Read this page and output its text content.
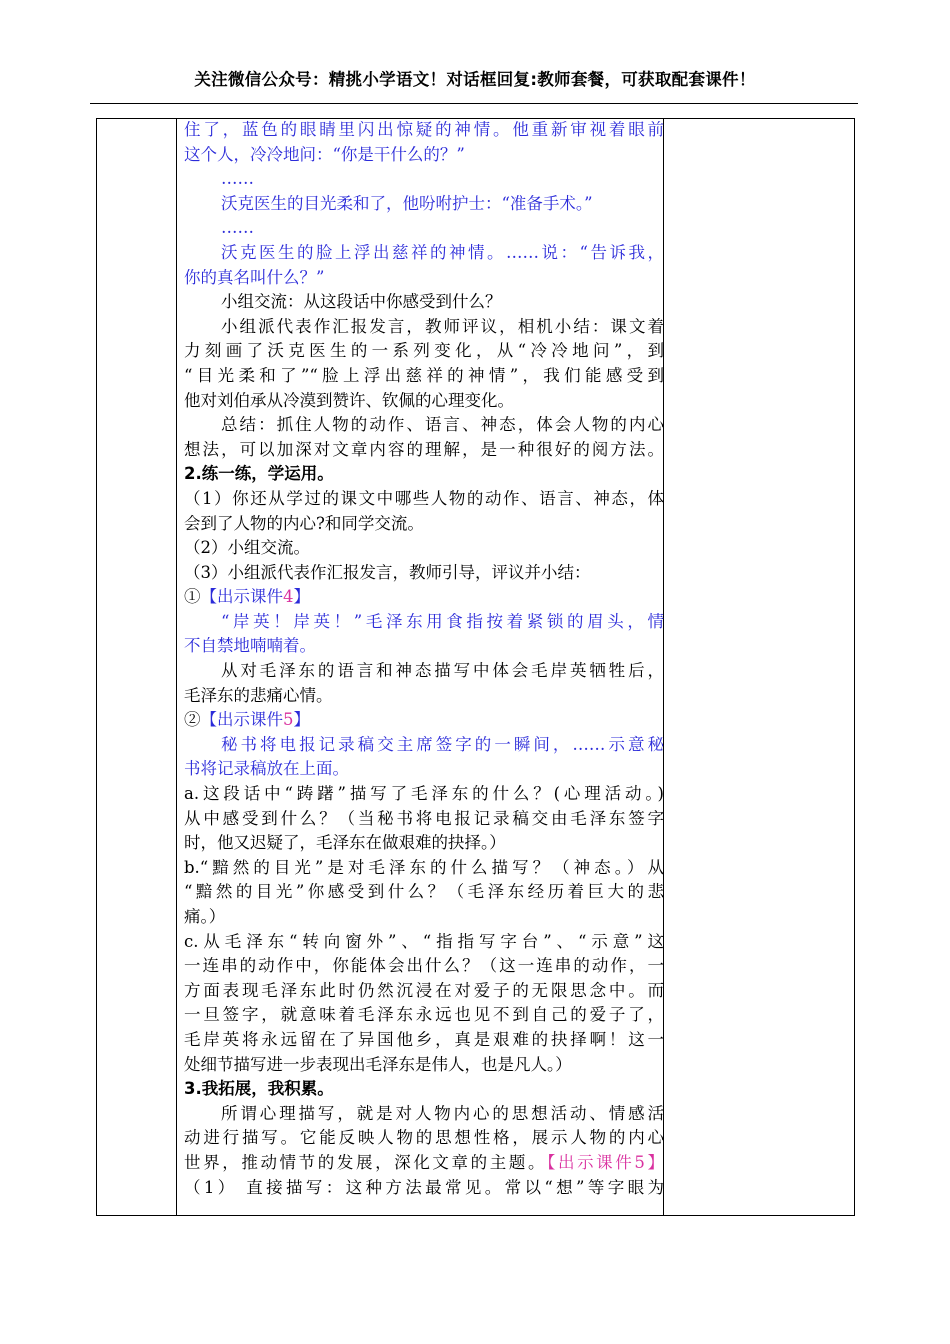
关注微信公众号：精挑小学语文！对话框回复:教师套餐，可获取配套课件！
住了，蓝色的眼睛里闪出惊疑的神情。他重新审视着眼前
这个人，冷冷地问：“你是干什么的？”
……
沃克医生的目光柔和了，他吩咐护士：“准备手术。”
……
沃克医生的脸上浮出慈祥的神情。……说：“告诉我，
你的真名叫什么？”
小组交流：从这段话中你感受到什么？
小组派代表作汇报发言，教师评议，相机小结：课文着
力刻画了沃克医生的一系列变化，从“冷冷地问”，到
“目光柔和了”“脸上浮出慈祥的神情”，我们能感受到
他对刘伯承从冷漠到赞许、钦佩的心理变化。
总结：抓住人物的动作、语言、神态，体会人物的内心
想法，可以加深对文章内容的理解，是一种很好的阅方法。
2.练一练，学运用。
（1）你还从学过的课文中哪些人物的动作、语言、神态，体
会到了人物的内心?和同学交流。
（2）小组交流。
（3）小组派代表作汇报发言，教师引导，评议并小结：
①【出示课件4】
“岸英！岸英！”毛泽东用食指按着紧锁的眉头，情
不自禁地喃喃着。
从对毛泽东的语言和神态描写中体会毛岸英牺牲后，
毛泽东的悲痛心情。
②【出示课件5】
秘书将电报记录稿交主席签字的一瞬间，……示意秘
书将记录稿放在上面。
a.这段话中“踌躇”描写了毛泽东的什么？(心理活动。)
从中感受到什么？（当秘书将电报记录稿交由毛泽东签字
时，他又迟疑了，毛泽东在做艰难的抉择。）
b.“黯然的目光”是对毛泽东的什么描写？（神态。）从
“黯然的目光”你感受到什么？（毛泽东经历着巨大的悲
痛。）
c.从毛泽东“转向窗外”、“指指写字台”、“示意”这
一连串的动作中，你能体会出什么？（这一连串的动作，一
方面表现毛泽东此时仍然沉浸在对爱子的无限思念中。而
一旦签字，就意味着毛泽东永远也见不到自己的爱子了，
毛岸英将永远留在了异国他乡，真是艰难的抉择啊！这一
处细节描写进一步表现出毛泽东是伟人，也是凡人。）
3.我拓展，我积累。
所谓心理描写，就是对人物内心的思想活动、情感活
动进行描写。它能反映人物的思想性格，展示人物的内心
世界，推动情节的发展，深化文章的主题。【出示课件5】
（1） 直接描写：这种方法最常见。常以“想”等字眼为
